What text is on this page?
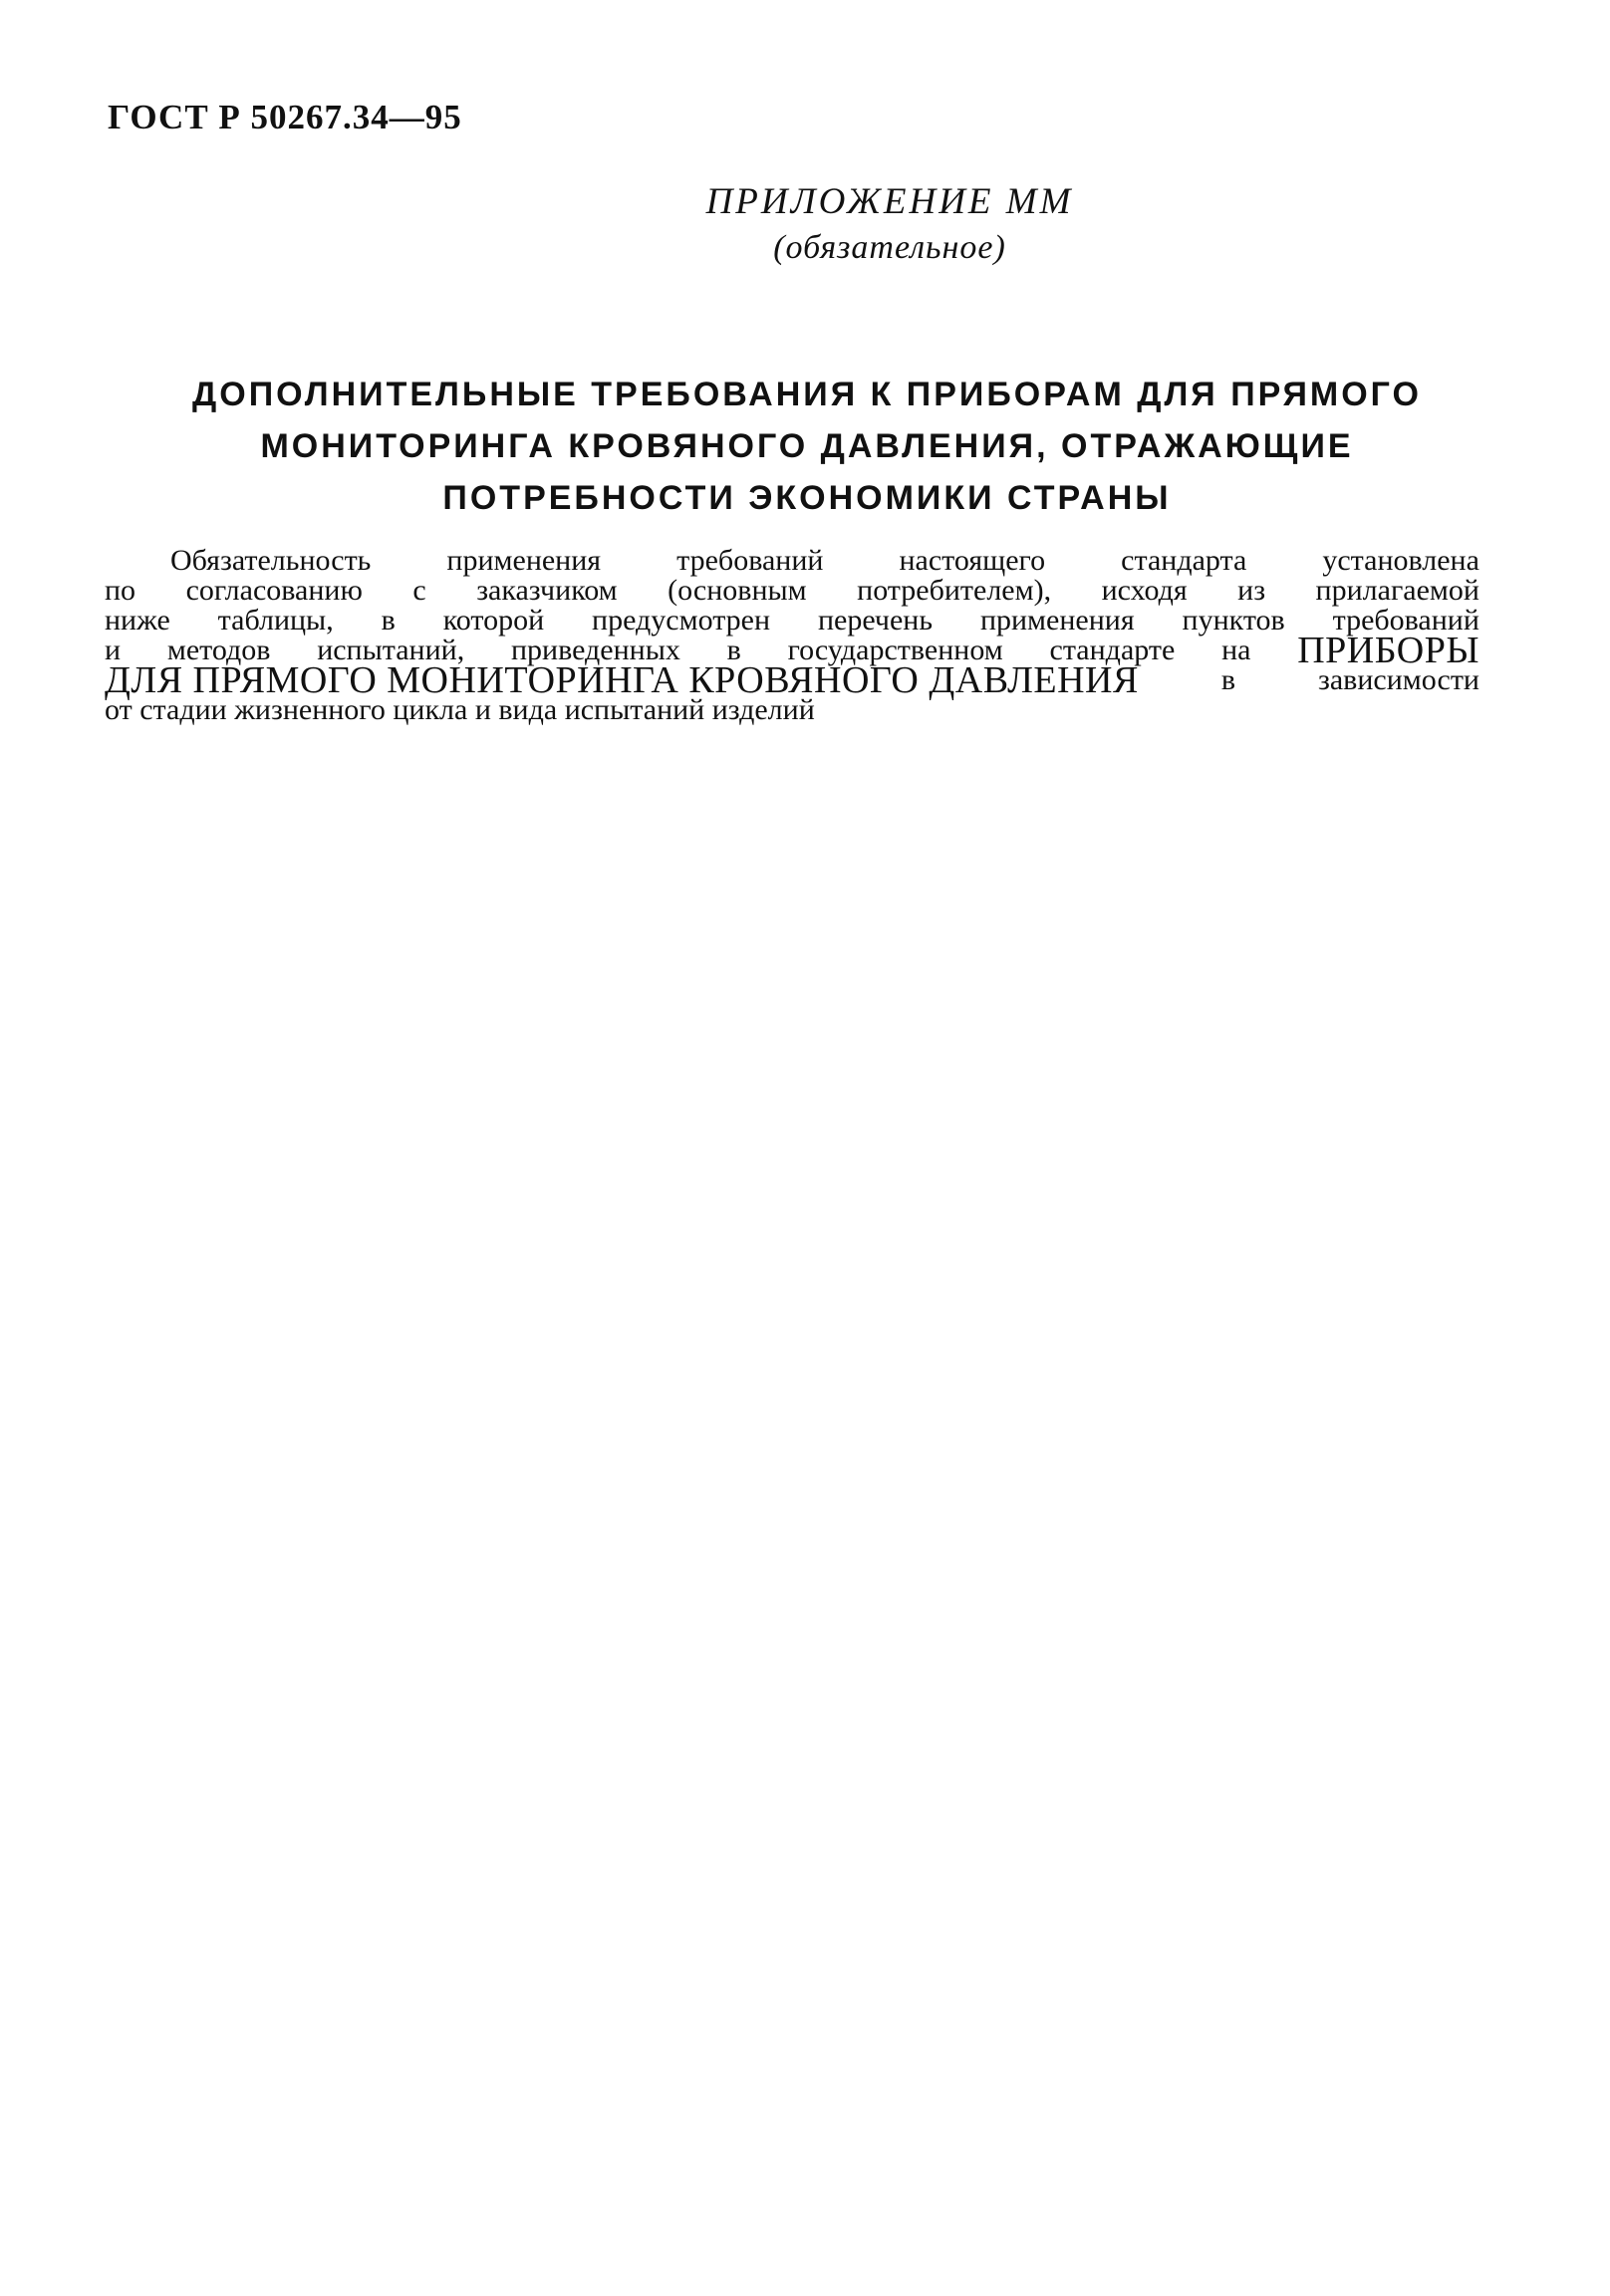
ГОСТ Р 50267.34—95
ПРИЛОЖЕНИЕ ММ
(обязательное)
ДОПОЛНИТЕЛЬНЫЕ ТРЕБОВАНИЯ К ПРИБОРАМ ДЛЯ ПРЯМОГО
МОНИТОРИНГА КРОВЯНОГО ДАВЛЕНИЯ, ОТРАЖАЮЩИЕ
ПОТРЕБНОСТИ ЭКОНОМИКИ СТРАНЫ
Обязательность	применения	требований	настоящего	стандарта	установлена
по согласованию с заказчиком (основным потребителем), исходя из прилагаемой
ниже таблицы, в которой предусмотрен перечень применения пунктов требований
и методов испытаний, приведенных в государственном стандарте на ПРИБОРЫ
ДЛЯ ПРЯМОГО МОНИТОРИНГА КРОВЯНОГО ДАВЛЕНИЯ	в	зависимости
от стадии жизненного цикла и вида испытаний изделий
